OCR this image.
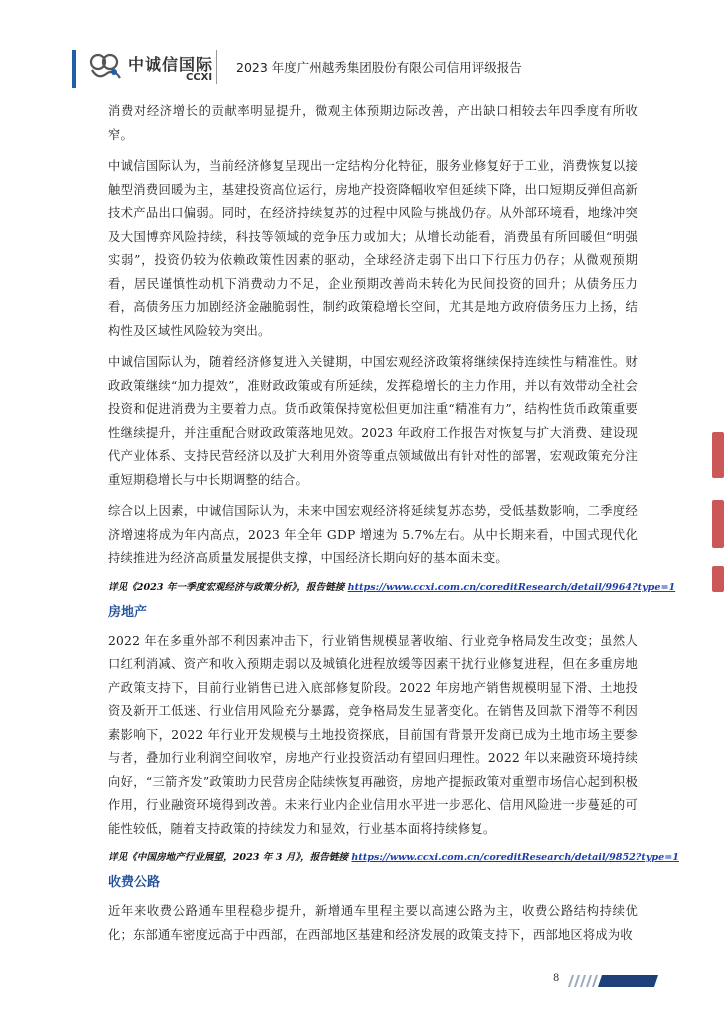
中诚信国际
CCXI
2023 年度广州越秀集团股份有限公司信用评级报告

消费对经济增长的贡献率明显提升，微观主体预期边际改善，产出缺口相较去年四季度有所收窄。

中诚信国际认为，当前经济修复呈现出一定结构分化特征，服务业修复好于工业，消费恢复以接触型消费回暖为主，基建投资高位运行，房地产投资降幅收窄但延续下降，出口短期反弹但高新技术产品出口偏弱。同时，在经济持续复苏的过程中风险与挑战仍存。从外部环境看，地缘冲突及大国博弈风险持续，科技等领域的竞争压力或加大；从增长动能看，消费虽有所回暖但“明强实弱”，投资仍较为依赖政策性因素的驱动，全球经济走弱下出口下行压力仍存；从微观预期看，居民谨慎性动机下消费动力不足，企业预期改善尚未转化为民间投资的回升；从债务压力看，高债务压力加剧经济金融脆弱性，制约政策稳增长空间，尤其是地方政府债务压力上扬，结构性及区域性风险较为突出。

中诚信国际认为，随着经济修复进入关键期，中国宏观经济政策将继续保持连续性与精准性。财政政策继续“加力提效”，准财政政策或有所延续，发挥稳增长的主力作用，并以有效带动全社会投资和促进消费为主要着力点。货币政策保持宽松但更加注重“精准有力”，结构性货币政策重要性继续提升，并注重配合财政政策落地见效。2023 年政府工作报告对恢复与扩大消费、建设现代产业体系、支持民营经济以及扩大利用外资等重点领域做出有针对性的部署，宏观政策充分注重短期稳增长与中长期调整的结合。

综合以上因素，中诚信国际认为，未来中国宏观经济将延续复苏态势，受低基数影响，二季度经济增速将成为年内高点，2023 年全年 GDP 增速为 5.7%左右。从中长期来看，中国式现代化持续推进为经济高质量发展提供支撑，中国经济长期向好的基本面未变。

详见《2023 年一季度宏观经济与政策分析》，报告链接 https://www.ccxi.com.cn/coreditResearch/detail/9964?type=1
房地产

2022 年在多重外部不利因素冲击下，行业销售规模显著收缩、行业竞争格局发生改变；虽然人口红利消减、资产和收入预期走弱以及城镇化进程放缓等因素干扰行业修复进程，但在多重房地产政策支持下，目前行业销售已进入底部修复阶段。2022 年房地产销售规模明显下滑、土地投资及新开工低迷、行业信用风险充分暴露，竞争格局发生显著变化。在销售及回款下滑等不利因素影响下，2022 年行业开发规模与土地投资探底，目前国有背景开发商已成为土地市场主要参与者，叠加行业利润空间收窄，房地产行业投资活动有望回归理性。2022 年以来融资环境持续向好，“三箭齐发”政策助力民营房企陆续恢复再融资，房地产提振政策对重塑市场信心起到积极作用，行业融资环境得到改善。未来行业内企业信用水平进一步恶化、信用风险进一步蔓延的可能性较低，随着支持政策的持续发力和显效，行业基本面将持续修复。

详见《中国房地产行业展望，2023 年 3 月》，报告链接 https://www.ccxi.com.cn/coreditResearch/detail/9852?type=1
收费公路

近年来收费公路通车里程稳步提升，新增通车里程主要以高速公路为主，收费公路结构持续优化；东部通车密度远高于中西部，在西部地区基建和经济发展的政策支持下，西部地区将成为收

8
